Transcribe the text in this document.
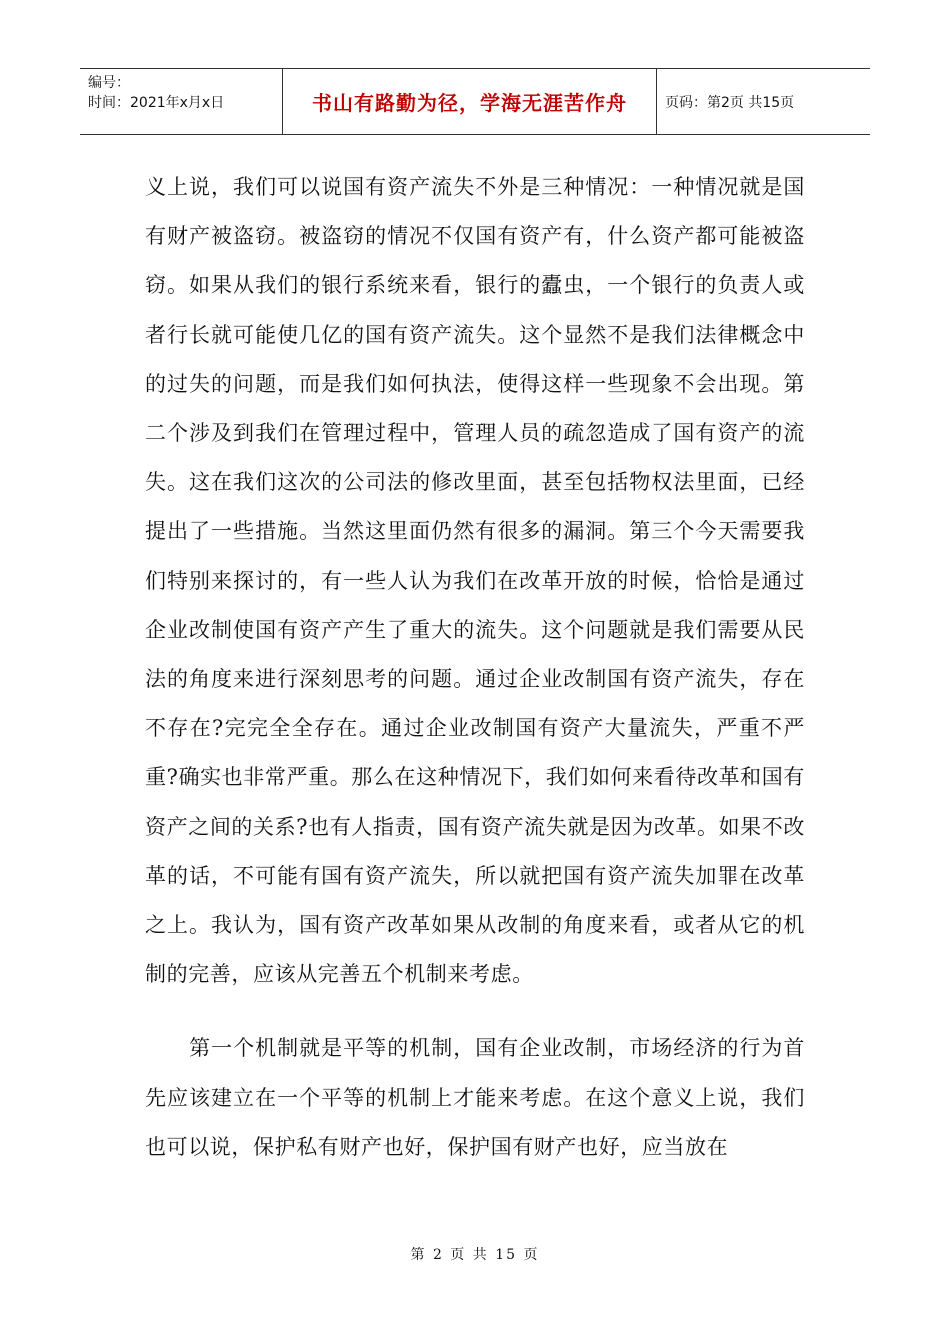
编号：
时间：2021年x月x日	书山有路勤为径，学海无涯苦作舟	页码：第2页 共15页

义上说，我们可以说国有资产流失不外是三种情况：一种情况就是国有财产被盗窃。被盗窃的情况不仅国有资产有，什么资产都可能被盗窃。如果从我们的银行系统来看，银行的蠹虫，一个银行的负责人或者行长就可能使几亿的国有资产流失。这个显然不是我们法律概念中的过失的问题，而是我们如何执法，使得这样一些现象不会出现。第二个涉及到我们在管理过程中，管理人员的疏忽造成了国有资产的流失。这在我们这次的公司法的修改里面，甚至包括物权法里面，已经提出了一些措施。当然这里面仍然有很多的漏洞。第三个今天需要我们特别来探讨的，有一些人认为我们在改革开放的时候，恰恰是通过企业改制使国有资产产生了重大的流失。这个问题就是我们需要从民法的角度来进行深刻思考的问题。通过企业改制国有资产流失，存在不存在?完完全全存在。通过企业改制国有资产大量流失，严重不严重?确实也非常严重。那么在这种情况下，我们如何来看待改革和国有资产之间的关系?也有人指责，国有资产流失就是因为改革。如果不改革的话，不可能有国有资产流失，所以就把国有资产流失加罪在改革之上。我认为，国有资产改革如果从改制的角度来看，或者从它的机制的完善，应该从完善五个机制来考虑。

第一个机制就是平等的机制，国有企业改制，市场经济的行为首先应该建立在一个平等的机制上才能来考虑。在这个意义上说，我们也可以说，保护私有财产也好，保护国有财产也好，应当放在

第 2 页 共 15 页
